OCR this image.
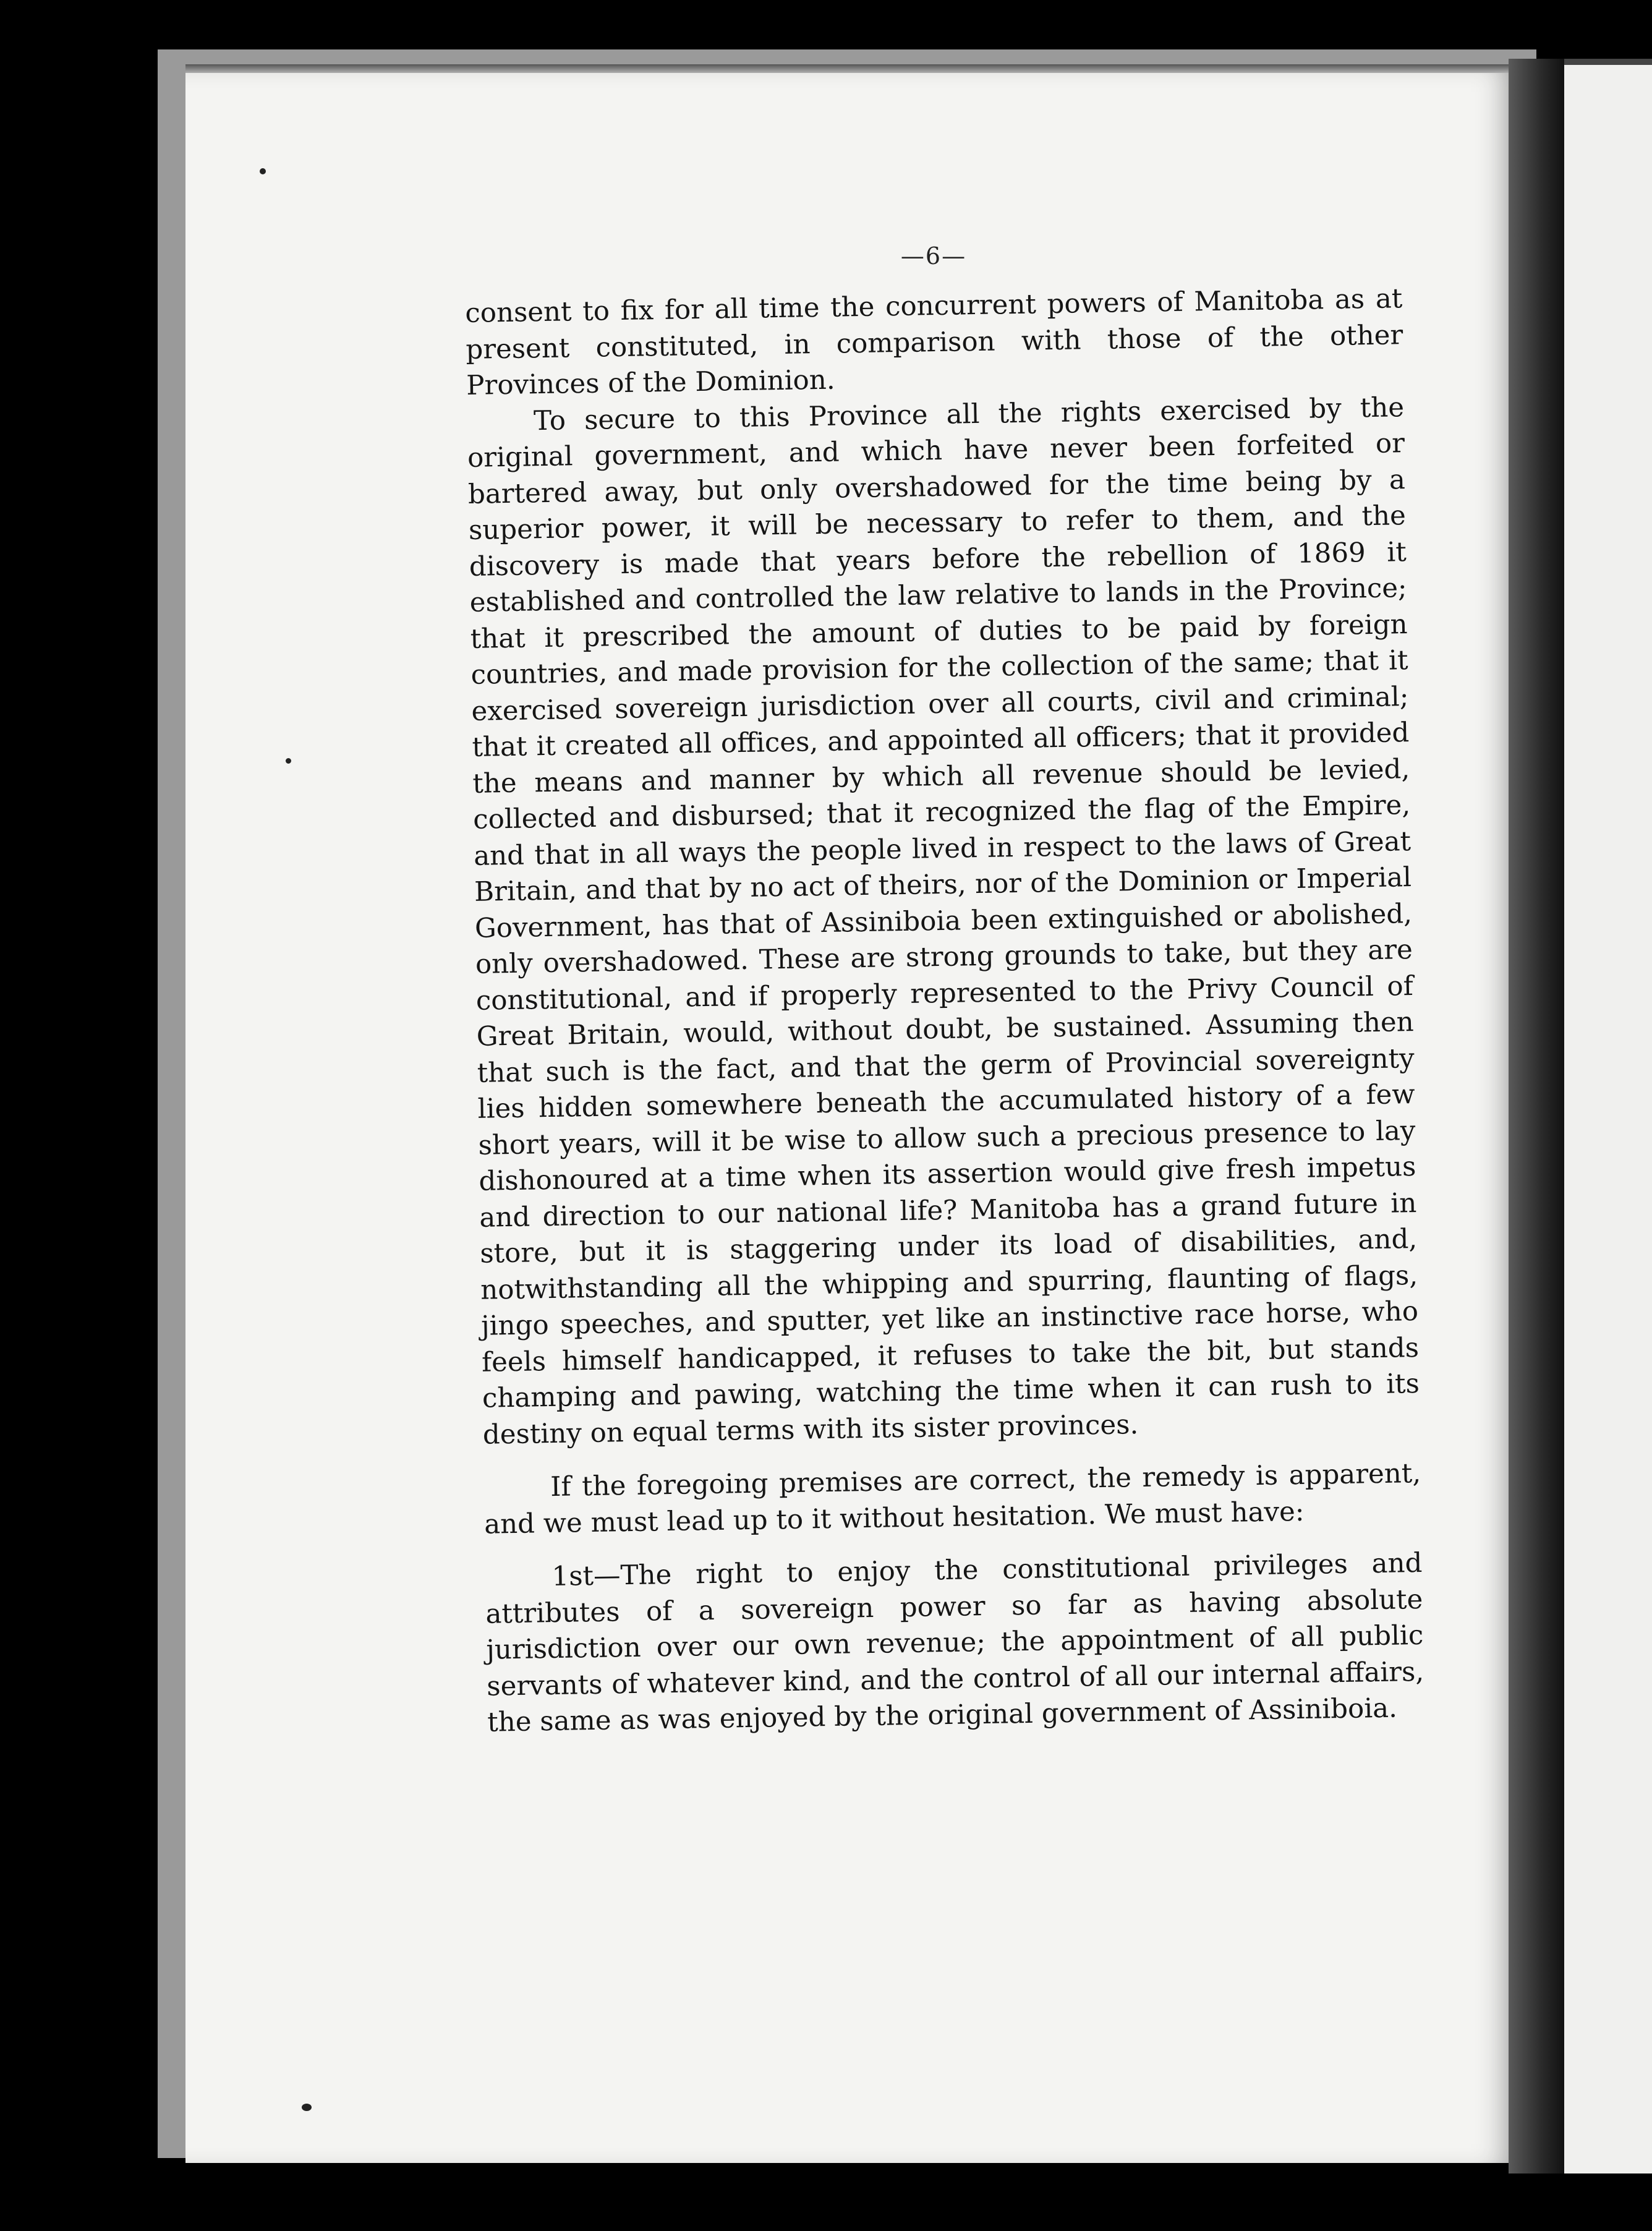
—6—

consent to fix for all time the concurrent powers of Manitoba as at present constituted, in comparison with those of the other Provinces of the Dominion.

To secure to this Province all the rights exercised by the original government, and which have never been forfeited or bartered away, but only overshadowed for the time being by a superior power, it will be necessary to refer to them, and the discovery is made that years before the rebellion of 1869 it established and controlled the law relative to lands in the Province; that it prescribed the amount of duties to be paid by foreign countries, and made provision for the collection of the same; that it exercised sovereign jurisdiction over all courts, civil and criminal; that it created all offices, and appointed all officers; that it provided the means and manner by which all revenue should be levied, collected and disbursed; that it recognized the flag of the Empire, and that in all ways the people lived in respect to the laws of Great Britain, and that by no act of theirs, nor of the Dominion or Imperial Government, has that of Assiniboia been extinguished or abolished, only overshadowed. These are strong grounds to take, but they are constitutional, and if properly represented to the Privy Council of Great Britain, would, without doubt, be sustained. Assuming then that such is the fact, and that the germ of Provincial sovereignty lies hidden somewhere beneath the accumulated history of a few short years, will it be wise to allow such a precious presence to lay dishonoured at a time when its assertion would give fresh impetus and direction to our national life? Manitoba has a grand future in store, but it is staggering under its load of disabilities, and, notwithstanding all the whipping and spurring, flaunting of flags, jingo speeches, and sputter, yet like an instinctive race horse, who feels himself handicapped, it refuses to take the bit, but stands champing and pawing, watching the time when it can rush to its destiny on equal terms with its sister provinces.

If the foregoing premises are correct, the remedy is apparent, and we must lead up to it without hesitation. We must have:

1st—The right to enjoy the constitutional privileges and attributes of a sovereign power so far as having absolute jurisdiction over our own revenue; the appointment of all public servants of whatever kind, and the control of all our internal affairs, the same as was enjoyed by the original government of Assiniboia.
